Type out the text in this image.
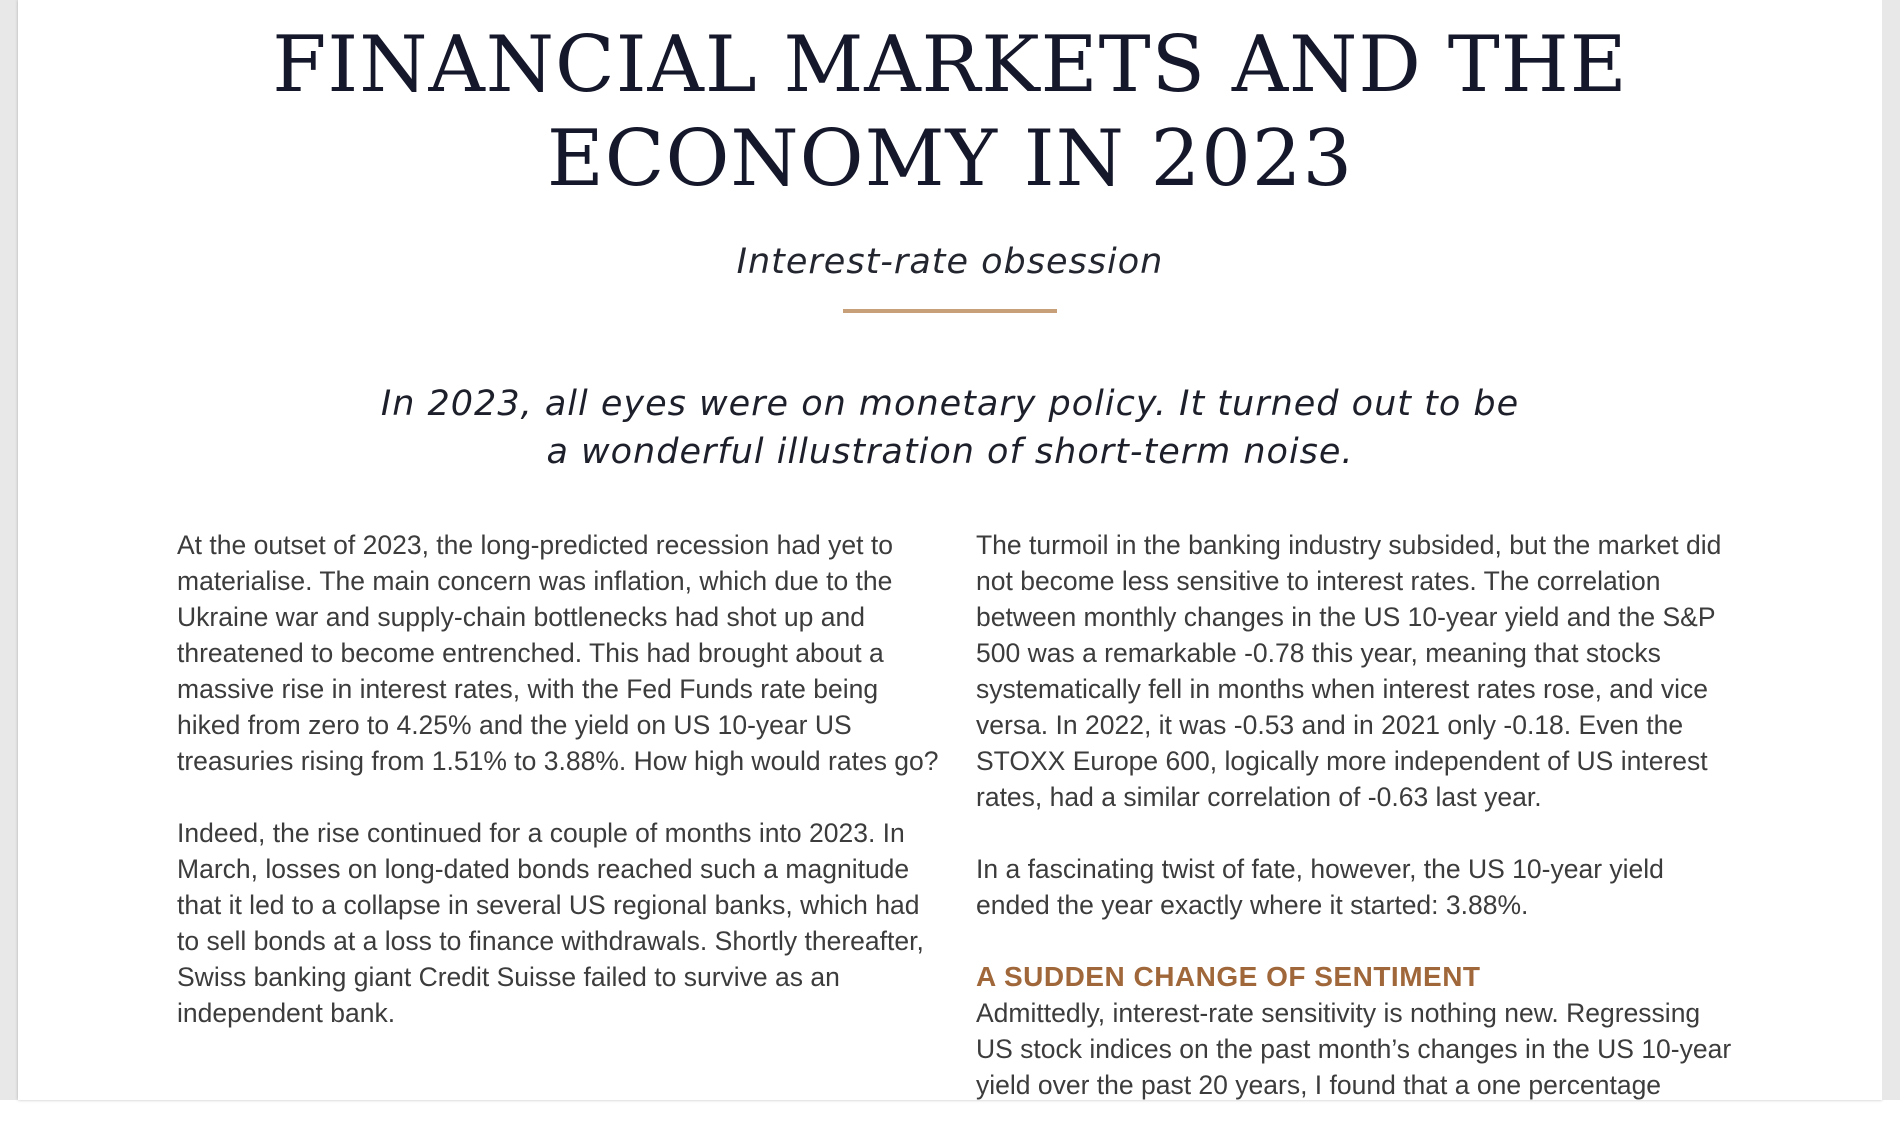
FINANCIAL MARKETS AND THE
ECONOMY IN 2023
Interest-rate obsession
In 2023, all eyes were on monetary policy. It turned out to be
a wonderful illustration of short-term noise.

At the outset of 2023, the long-predicted recession had yet to materialise. The main concern was inflation, which due to the Ukraine war and supply-chain bottlenecks had shot up and threatened to become entrenched. This had brought about a massive rise in interest rates, with the Fed Funds rate being hiked from zero to 4.25% and the yield on US 10-year US treasuries rising from 1.51% to 3.88%. How high would rates go?

Indeed, the rise continued for a couple of months into 2023. In March, losses on long-dated bonds reached such a magnitude that it led to a collapse in several US regional banks, which had to sell bonds at a loss to finance withdrawals. Shortly thereafter, Swiss banking giant Credit Suisse failed to survive as an independent bank.

The turmoil in the banking industry subsided, but the market did not become less sensitive to interest rates. The correlation between monthly changes in the US 10-year yield and the S&P 500 was a remarkable -0.78 this year, meaning that stocks systematically fell in months when interest rates rose, and vice versa. In 2022, it was -0.53 and in 2021 only -0.18. Even the STOXX Europe 600, logically more independent of US interest rates, had a similar correlation of -0.63 last year.

In a fascinating twist of fate, however, the US 10-year yield ended the year exactly where it started: 3.88%.

A SUDDEN CHANGE OF SENTIMENT

Admittedly, interest-rate sensitivity is nothing new. Regressing US stock indices on the past month’s changes in the US 10-year yield over the past 20 years, I found that a one percentage
